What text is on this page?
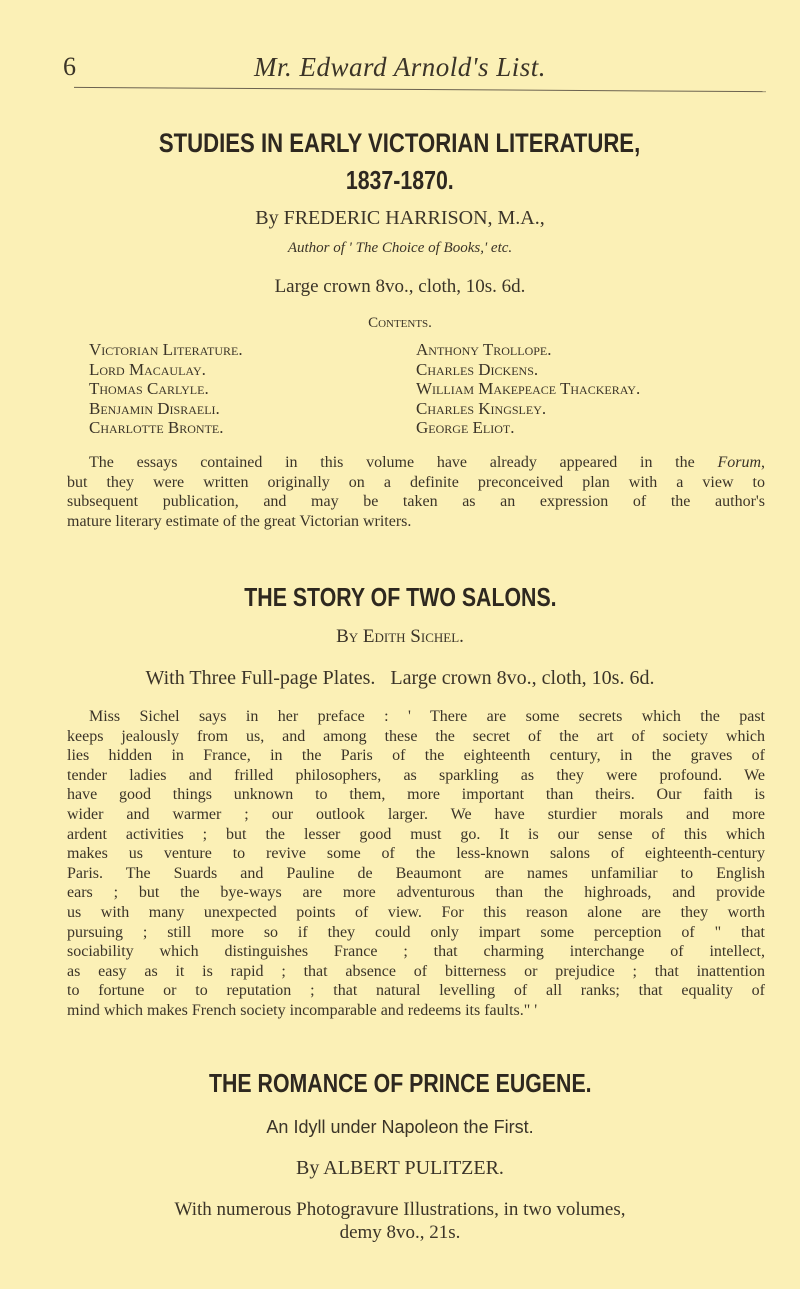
6	Mr. Edward Arnold's List.
STUDIES IN EARLY VICTORIAN LITERATURE,
1837-1870.
By FREDERIC HARRISON, M.A.,
Author of ' The Choice of Books,' etc.
Large crown 8vo., cloth, 10s. 6d.
Contents.
Victorian Literature.
Lord Macaulay.
Thomas Carlyle.
Benjamin Disraeli.
Charlotte Bronte.
Anthony Trollope.
Charles Dickens.
William Makepeace Thackeray.
Charles Kingsley.
George Eliot.
The essays contained in this volume have already appeared in the Forum,
but they were written originally on a definite preconceived plan with a view to
subsequent publication, and may be taken as an expression of the author's
mature literary estimate of the great Victorian writers.
THE STORY OF TWO SALONS.
By Edith Sichel.
With Three Full-page Plates.   Large crown 8vo., cloth, 10s. 6d.
Miss Sichel says in her preface : ' There are some secrets which the past
keeps jealously from us, and among these the secret of the art of society which
lies hidden in France, in the Paris of the eighteenth century, in the graves of
tender ladies and frilled philosophers, as sparkling as they were profound. We
have good things unknown to them, more important than theirs. Our faith is
wider and warmer ; our outlook larger. We have sturdier morals and more
ardent activities ; but the lesser good must go. It is our sense of this which
makes us venture to revive some of the less-known salons of eighteenth-century
Paris. The Suards and Pauline de Beaumont are names unfamiliar to English
ears ; but the bye-ways are more adventurous than the highroads, and provide
us with many unexpected points of view. For this reason alone are they worth
pursuing ; still more so if they could only impart some perception of " that
sociability which distinguishes France ; that charming interchange of intellect,
as easy as it is rapid ; that absence of bitterness or prejudice ; that inattention
to fortune or to reputation ; that natural levelling of all ranks; that equality of
mind which makes French society incomparable and redeems its faults." '
THE ROMANCE OF PRINCE EUGENE.
An Idyll under Napoleon the First.
By ALBERT PULITZER.
With numerous Photogravure Illustrations, in two volumes,
demy 8vo., 21s.
